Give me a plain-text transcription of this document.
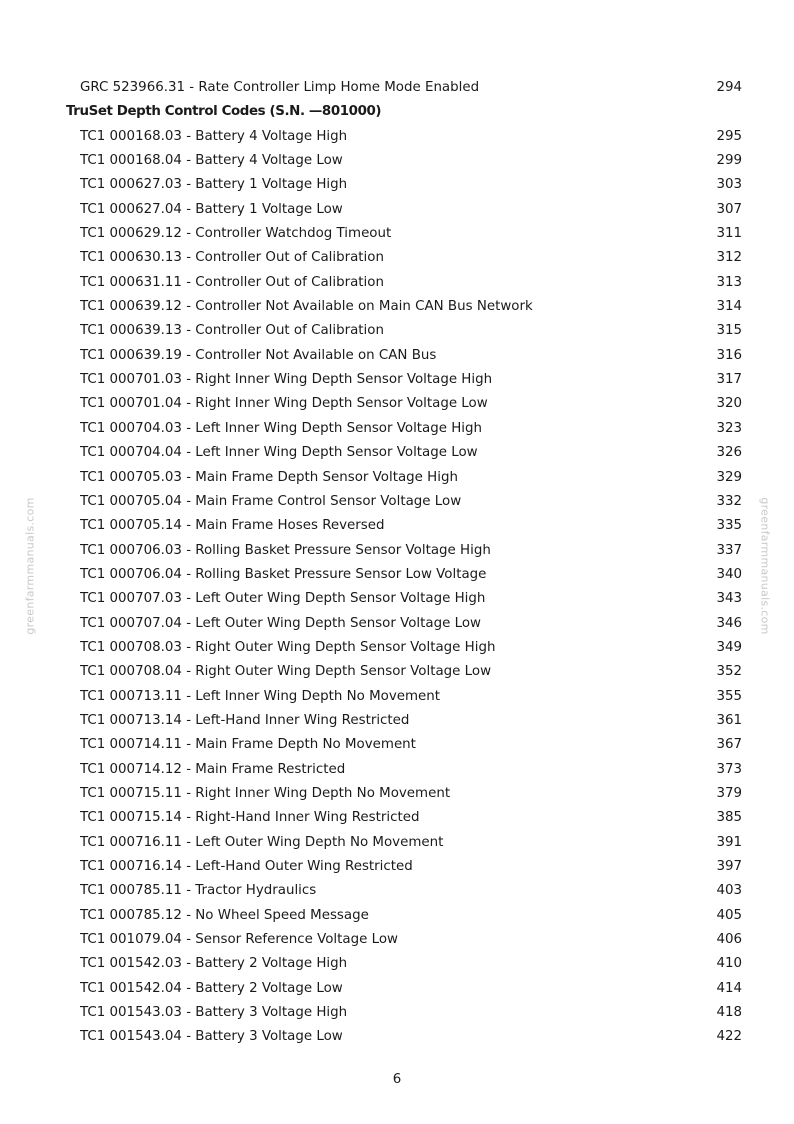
GRC 523966.31 - Rate Controller Limp Home Mode Enabled	294
TruSet Depth Control Codes (S.N. —801000)
TC1 000168.03 - Battery 4 Voltage High	295
TC1 000168.04 - Battery 4 Voltage Low	299
TC1 000627.03 - Battery 1 Voltage High	303
TC1 000627.04 - Battery 1 Voltage Low	307
TC1 000629.12 - Controller Watchdog Timeout	311
TC1 000630.13 - Controller Out of Calibration	312
TC1 000631.11 - Controller Out of Calibration	313
TC1 000639.12 - Controller Not Available on Main CAN Bus Network	314
TC1 000639.13 - Controller Out of Calibration	315
TC1 000639.19 - Controller Not Available on CAN Bus	316
TC1 000701.03 - Right Inner Wing Depth Sensor Voltage High	317
TC1 000701.04 - Right Inner Wing Depth Sensor Voltage Low	320
TC1 000704.03 - Left Inner Wing Depth Sensor Voltage High	323
TC1 000704.04 - Left Inner Wing Depth Sensor Voltage Low	326
TC1 000705.03 - Main Frame Depth Sensor Voltage High	329
TC1 000705.04 - Main Frame Control Sensor Voltage Low	332
TC1 000705.14 - Main Frame Hoses Reversed	335
TC1 000706.03 - Rolling Basket Pressure Sensor Voltage High	337
TC1 000706.04 - Rolling Basket Pressure Sensor Low Voltage	340
TC1 000707.03 - Left Outer Wing Depth Sensor Voltage High	343
TC1 000707.04 - Left Outer Wing Depth Sensor Voltage Low	346
TC1 000708.03 - Right Outer Wing Depth Sensor Voltage High	349
TC1 000708.04 - Right Outer Wing Depth Sensor Voltage Low	352
TC1 000713.11 - Left Inner Wing Depth No Movement	355
TC1 000713.14 - Left-Hand Inner Wing Restricted	361
TC1 000714.11 - Main Frame Depth No Movement	367
TC1 000714.12 - Main Frame Restricted	373
TC1 000715.11 - Right Inner Wing Depth No Movement	379
TC1 000715.14 - Right-Hand Inner Wing Restricted	385
TC1 000716.11 - Left Outer Wing Depth No Movement	391
TC1 000716.14 - Left-Hand Outer Wing Restricted	397
TC1 000785.11 - Tractor Hydraulics	403
TC1 000785.12 - No Wheel Speed Message	405
TC1 001079.04 - Sensor Reference Voltage Low	406
TC1 001542.03 - Battery 2 Voltage High	410
TC1 001542.04 - Battery 2 Voltage Low	414
TC1 001543.03 - Battery 3 Voltage High	418
TC1 001543.04 - Battery 3 Voltage Low	422
greenfarmmanuals.com	greenfarmmanuals.com
6
